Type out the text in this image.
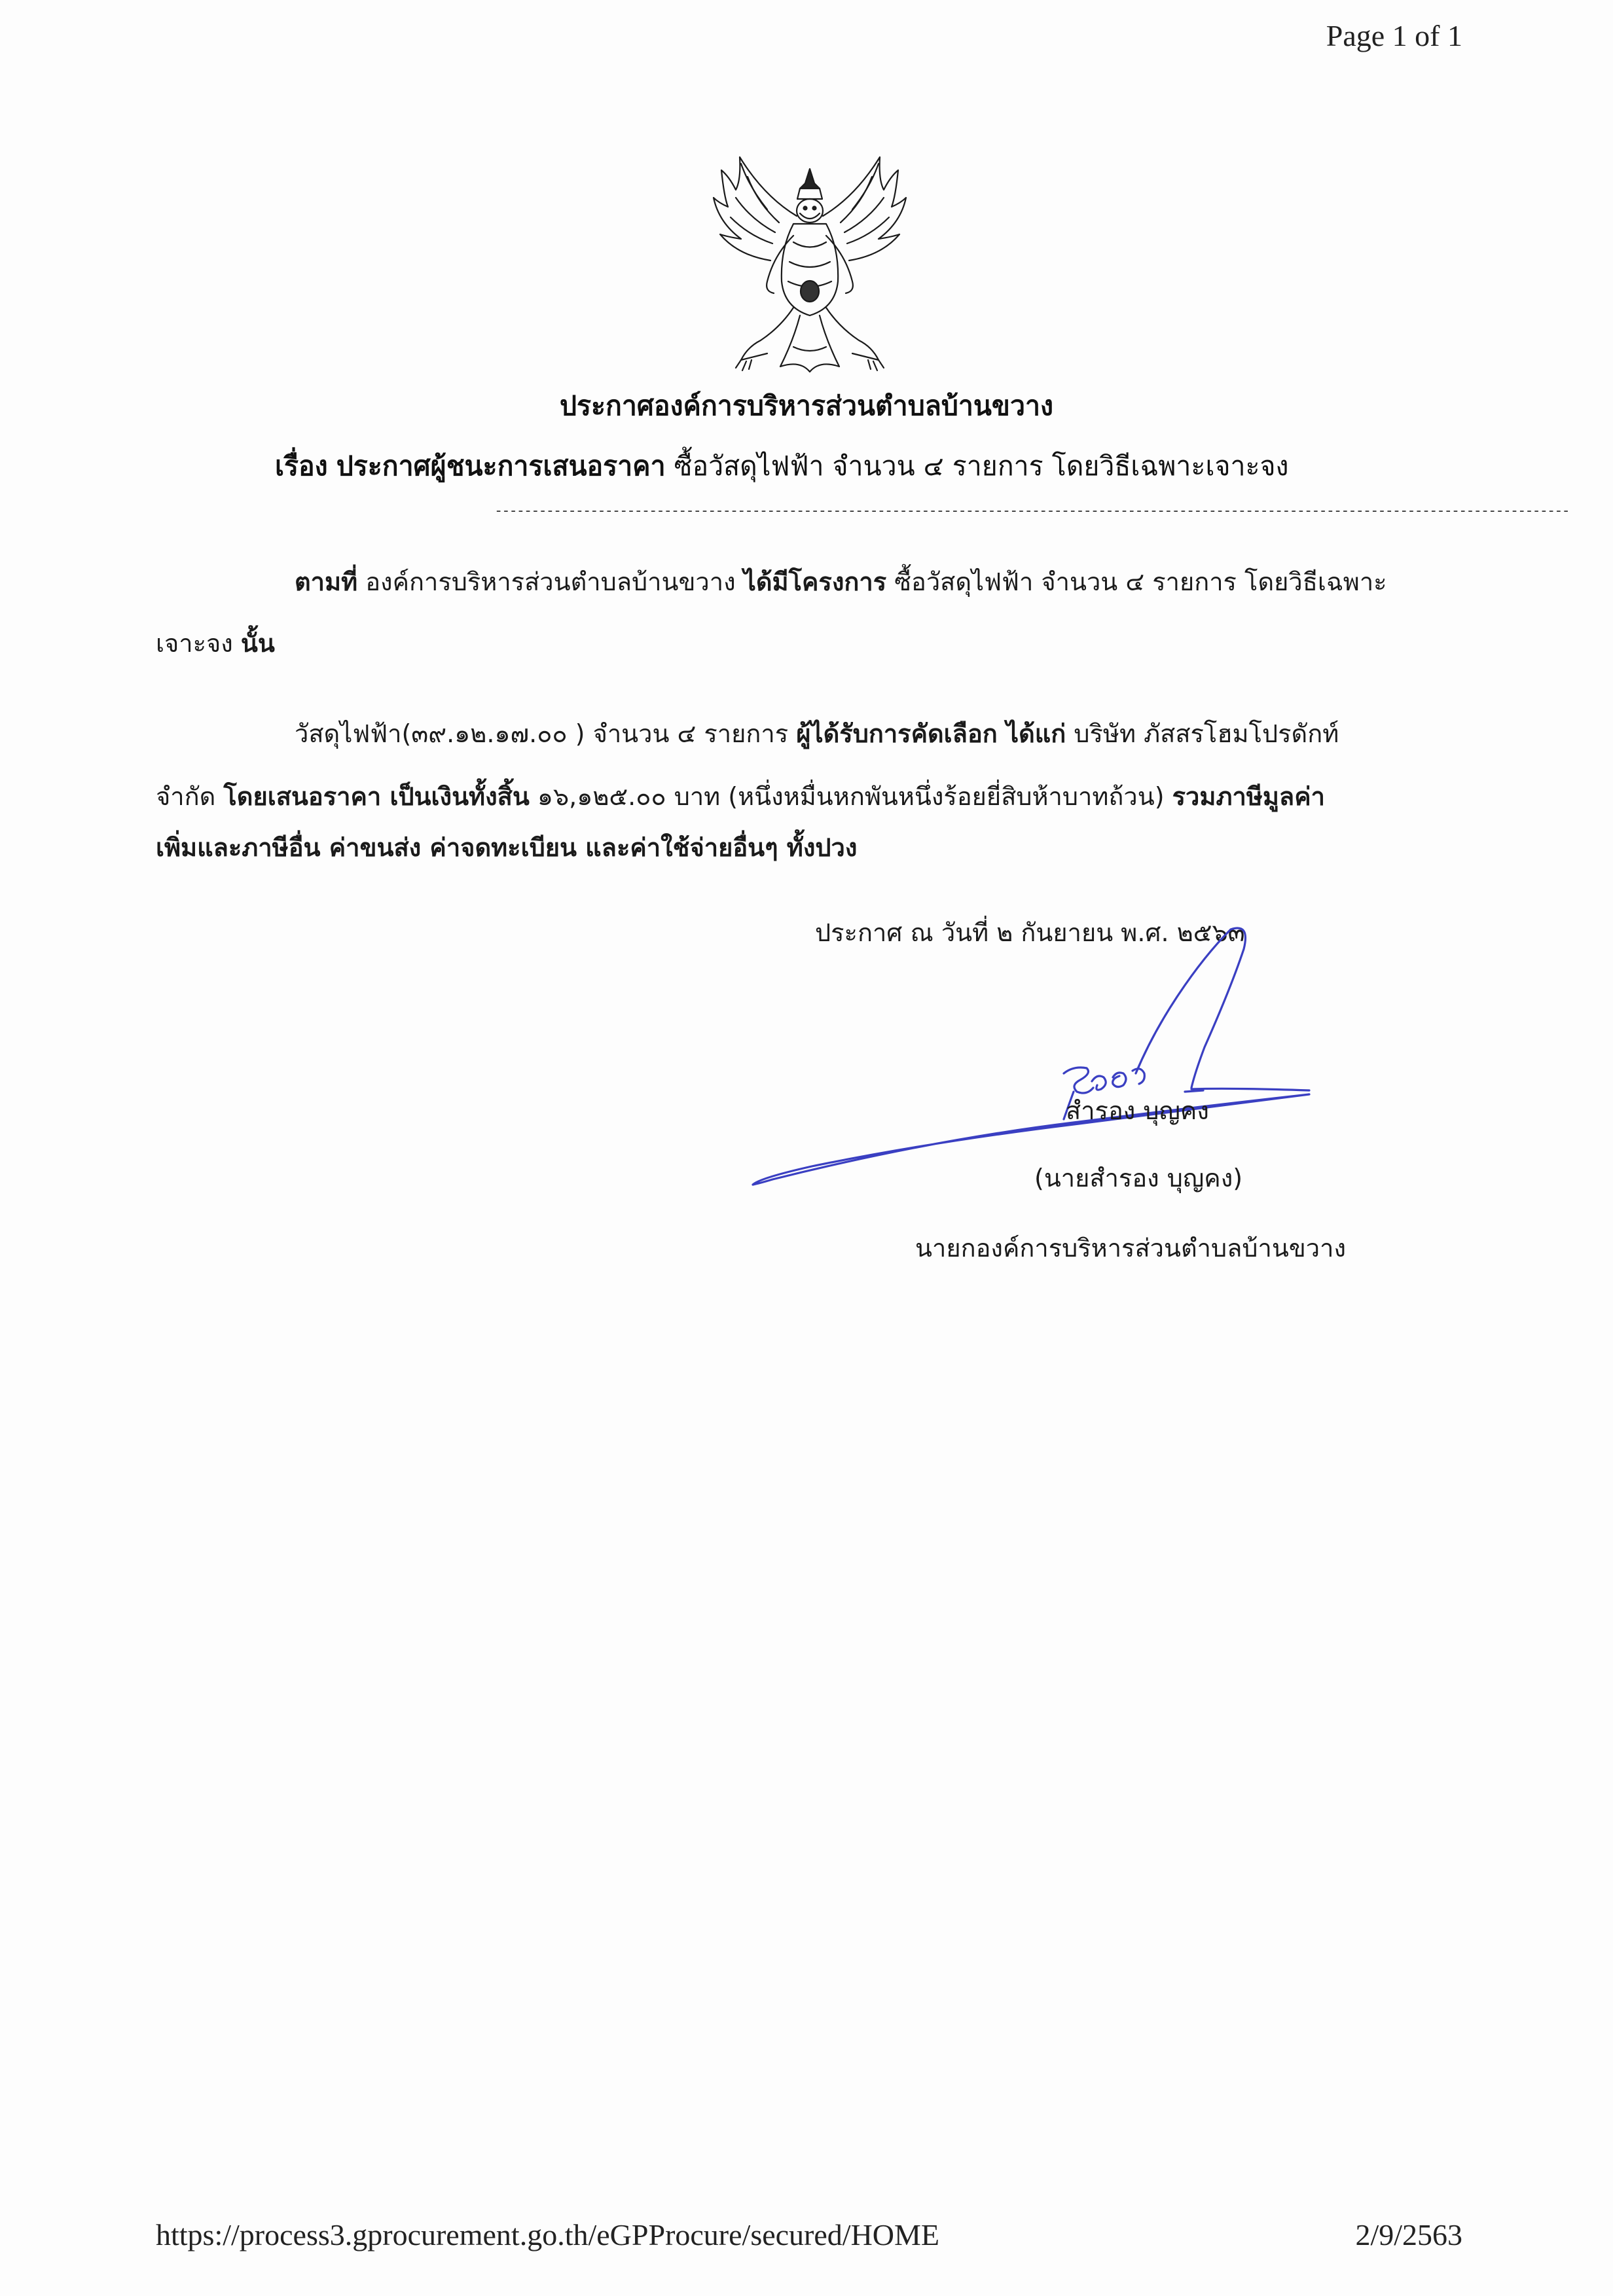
Page 1 of 1
ประกาศองค์การบริหารส่วนตำบลบ้านขวาง
เรื่อง ประกาศผู้ชนะการเสนอราคา ซื้อวัสดุไฟฟ้า จำนวน ๔ รายการ โดยวิธีเฉพาะเจาะจง
--------------------------------------------------------------------------------------------------------------------------------------------------
ตามที่ องค์การบริหารส่วนตำบลบ้านขวาง ได้มีโครงการ ซื้อวัสดุไฟฟ้า จำนวน ๔ รายการ โดยวิธีเฉพาะ
เจาะจง นั้น
วัสดุไฟฟ้า(๓๙.๑๒.๑๗.๐๐ ) จำนวน ๔ รายการ ผู้ได้รับการคัดเลือก ได้แก่ บริษัท ภัสสรโฮมโปรดักท์
จำกัด โดยเสนอราคา เป็นเงินทั้งสิ้น ๑๖,๑๒๕.๐๐ บาท (หนึ่งหมื่นหกพันหนึ่งร้อยยี่สิบห้าบาทถ้วน) รวมภาษีมูลค่า
เพิ่มและภาษีอื่น ค่าขนส่ง ค่าจดทะเบียน และค่าใช้จ่ายอื่นๆ ทั้งปวง
ประกาศ ณ วันที่ ๒ กันยายน พ.ศ. ๒๕๖๓
สำรอง บุญคง
(นายสำรอง บุญคง)
นายกองค์การบริหารส่วนตำบลบ้านขวาง
https://process3.gprocurement.go.th/eGPProcure/secured/HOME	2/9/2563
